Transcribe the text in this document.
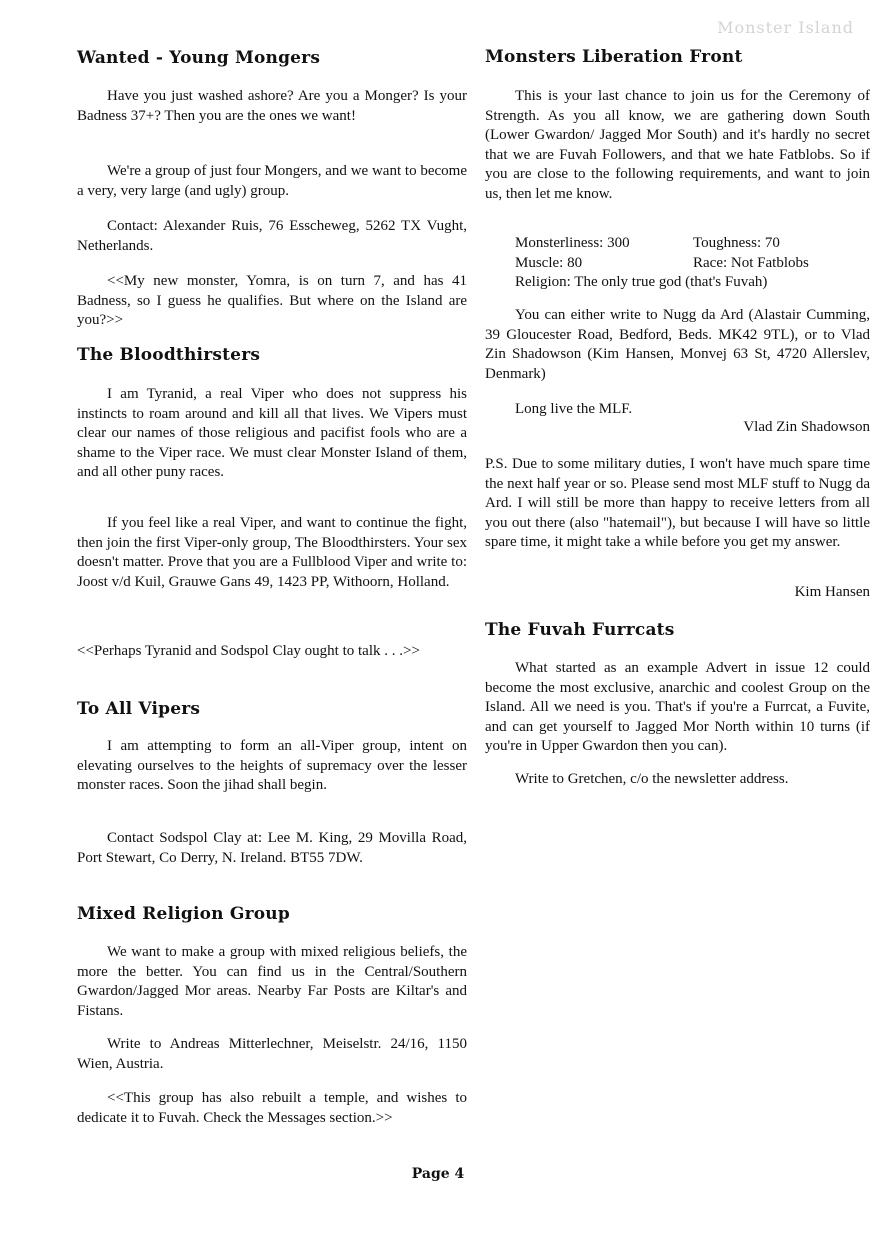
Monster Island
Wanted - Young Mongers

Have you just washed ashore? Are you a Monger? Is your Badness 37+? Then you are the ones we want!

We're a group of just four Mongers, and we want to become a very, very large (and ugly) group.

Contact: Alexander Ruis, 76 Esscheweg, 5262 TX Vught, Netherlands.

<<My new monster, Yomra, is on turn 7, and has 41 Badness, so I guess he qualifies. But where on the Island are you?>>

The Bloodthirsters

I am Tyranid, a real Viper who does not suppress his instincts to roam around and kill all that lives. We Vipers must clear our names of those religious and pacifist fools who are a shame to the Viper race. We must clear Monster Island of them, and all other puny races.

If you feel like a real Viper, and want to continue the fight, then join the first Viper-only group, The Bloodthirsters. Your sex doesn't matter. Prove that you are a Fullblood Viper and write to: Joost v/d Kuil, Grauwe Gans 49, 1423 PP, Withoorn, Holland.

<<Perhaps Tyranid and Sodspol Clay ought to talk . . .>>

To All Vipers

I am attempting to form an all-Viper group, intent on elevating ourselves to the heights of supremacy over the lesser monster races. Soon the jihad shall begin.

Contact Sodspol Clay at: Lee M. King, 29 Movilla Road, Port Stewart, Co Derry, N. Ireland. BT55 7DW.

Mixed Religion Group

We want to make a group with mixed religious beliefs, the more the better. You can find us in the Central/Southern Gwardon/Jagged Mor areas. Nearby Far Posts are Kiltar's and Fistans.

Write to Andreas Mitterlechner, Meiselstr. 24/16, 1150 Wien, Austria.

<<This group has also rebuilt a temple, and wishes to dedicate it to Fuvah. Check the Messages section.>>

Monsters Liberation Front

This is your last chance to join us for the Ceremony of Strength. As you all know, we are gathering down South (Lower Gwardon/ Jagged Mor South) and it's hardly no secret that we are Fuvah Followers, and that we hate Fatblobs. So if you are close to the following requirements, and want to join us, then let me know.

Monsterliness: 300	Toughness: 70
Muscle: 80	Race: Not Fatblobs
Religion: The only true god (that's Fuvah)

You can either write to Nugg da Ard (Alastair Cumming, 39 Gloucester Road, Bedford, Beds. MK42 9TL), or to Vlad Zin Shadowson (Kim Hansen, Monvej 63 St, 4720 Allerslev, Denmark)

Long live the MLF.

Vlad Zin Shadowson

P.S. Due to some military duties, I won't have much spare time the next half year or so. Please send most MLF stuff to Nugg da Ard. I will still be more than happy to receive letters from all you out there (also "hatemail"), but because I will have so little spare time, it might take a while before you get my answer.

Kim Hansen
The Fuvah Furrcats

What started as an example Advert in issue 12 could become the most exclusive, anarchic and coolest Group on the Island. All we need is you. That's if you're a Furrcat, a Fuvite, and can get yourself to Jagged Mor North within 10 turns (if you're in Upper Gwardon then you can).

Write to Gretchen, c/o the newsletter address.

Page 4
